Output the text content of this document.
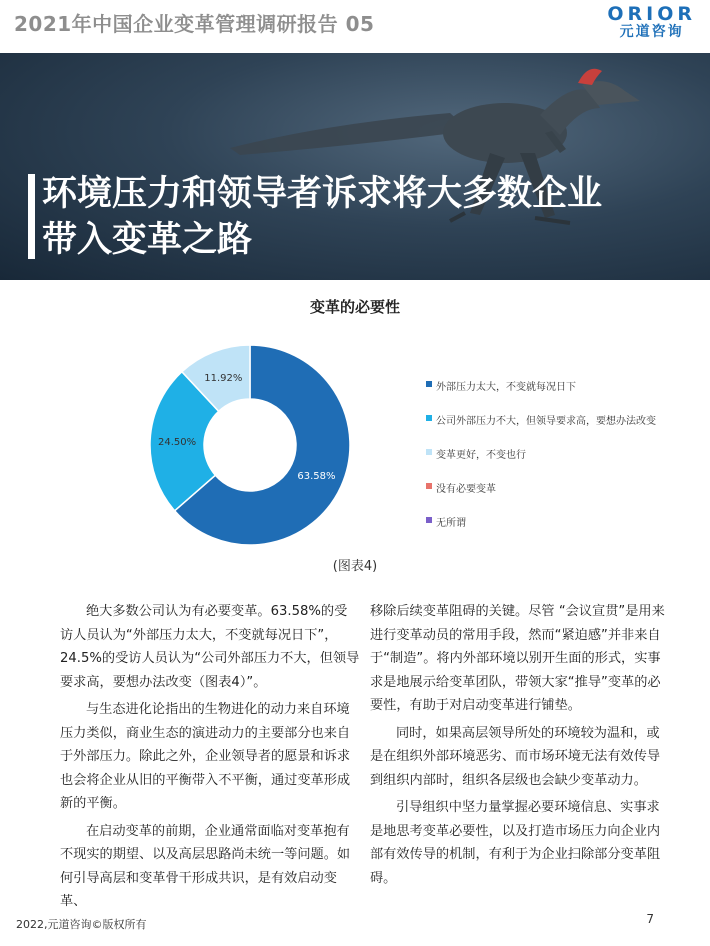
2021年中国企业变革管理调研报告 05	ORIOR
元道咨询
环境压力和领导者诉求将大多数企业
带入变革之路
变革的必要性
63.58%
24.50%
11.92%
外部压力太大，不变就每况日下
公司外部压力不大，但领导要求高，要想办法改变
变革更好，不变也行
没有必要变革
无所谓
(图表4)

绝大多数公司认为有必要变革。63.58%的受访人员认为“外部压力太大，不变就每况日下”，24.5%的受访人员认为“公司外部压力不大，但领导要求高，要想办法改变（图表4）”。

与生态进化论指出的生物进化的动力来自环境压力类似，商业生态的演进动力的主要部分也来自于外部压力。除此之外，企业领导者的愿景和诉求也会将企业从旧的平衡带入不平衡，通过变革形成新的平衡。

在启动变革的前期，企业通常面临对变革抱有不现实的期望、以及高层思路尚未统一等问题。如何引导高层和变革骨干形成共识，是有效启动变革、

移除后续变革阻碍的关键。尽管 “会议宣贯”是用来进行变革动员的常用手段，然而“紧迫感”并非来自于“制造”。将内外部环境以别开生面的形式，实事求是地展示给变革团队，带领大家“推导”变革的必要性，有助于对启动变革进行铺垫。

同时，如果高层领导所处的环境较为温和，或是在组织外部环境恶劣、而市场环境无法有效传导到组织内部时，组织各层级也会缺少变革动力。

引导组织中坚力量掌握必要环境信息、实事求是地思考变革必要性，以及打造市场压力向企业内部有效传导的机制，有利于为企业扫除部分变革阻碍。

2022,元道咨询©版权所有	7
